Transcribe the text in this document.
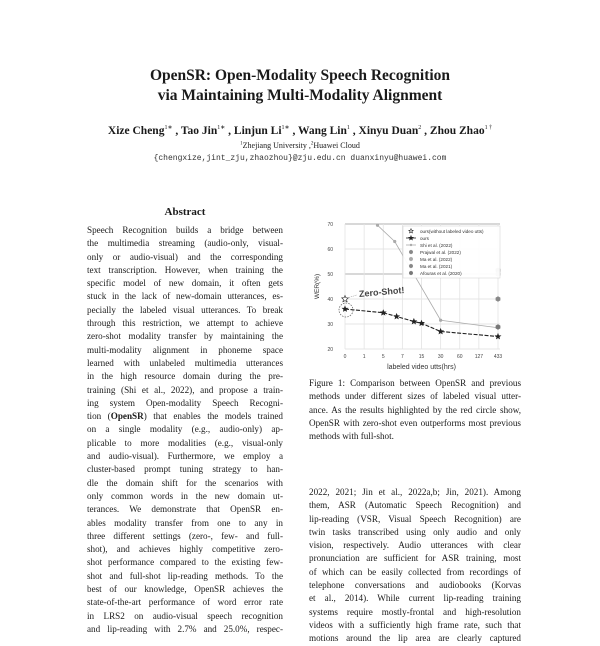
OpenSR: Open-Modality Speech Recognition
via Maintaining Multi-Modality Alignment
Xize Cheng$^{1∗}$ , Tao Jin$^{1∗}$ , Linjun $Li^{1∗}$ , Wang Lin$^1$ , Xinyu Duan$^2$ , Zhou Zhao$^{1 \dagger}$
$^1$Zhejiang University ,$^2$Huawei Cloud
{chengxize,jint_zju,zhaozhou}@zju.edu.cn duanxinyu@huawei.com
Abstract
Speech Recognition builds a bridge between
the multimedia streaming (audio-only, visual-
only or audio-visual) and the corresponding
text transcription. However, when training the
specific model of new domain, it often gets
stuck in the lack of new-domain utterances, es-
pecially the labeled visual utterances. To break
through this restriction, we attempt to achieve
zero-shot modality transfer by maintaining the
multi-modality alignment in phoneme space
learned with unlabeled multimedia utterances
in the high resource domain during the pre-
training (Shi et al., 2022), and propose a train-
ing system Open-modality Speech Recogni-
tion (OpenSR) that enables the models trained
on a single modality (e.g., audio-only) ap-
plicable to more modalities (e.g., visual-only
and audio-visual). Furthermore, we employ a
cluster-based prompt tuning strategy to han-
dle the domain shift for the scenarios with
only common words in the new domain ut-
terances. We demonstrate that OpenSR en-
ables modality transfer from one to any in
three different settings (zero-, few- and full-
shot), and achieves highly competitive zero-
shot performance compared to the existing few-
shot and full-shot lip-reading methods. To the
best of our knowledge, OpenSR achieves the
state-of-the-art performance of word error rate
in LRS2 on audio-visual speech recognition
and lip-reading with 2.7% and 25.0%, respec-
20
30
40
50
60
70
0	1	5	7	15	30	60 127 433
labeled video utts(hrs)
WER(%)	Zero-Shot!
ours(without labeled video utts)
ours
Shi et al. (2022)
Prajwal et al. (2022)
Ma et al. (2022)
Ma et al. (2021)
Afouras et al. (2020)
Figure 1: Comparison between OpenSR and previous
methods under different sizes of labeled visual utter-
ance. As the results highlighted by the red circle show,
OpenSR with zero-shot even outperforms most previous
methods with full-shot.
2022, 2021; Jin et al., 2022a,b; Jin, 2021). Among
them, ASR (Automatic Speech Recognition) and
lip-reading (VSR, Visual Speech Recognition) are
twin tasks transcribed using only audio and only
vision, respectively. Audio utterances with clear
pronunciation are sufficient for ASR training, most
of which can be easily collected from recordings of
telephone conversations and audiobooks (Korvas
et al., 2014). While current lip-reading training
systems require mostly-frontal and high-resolution
videos with a sufficiently high frame rate, such that
motions around the lip area are clearly captured
